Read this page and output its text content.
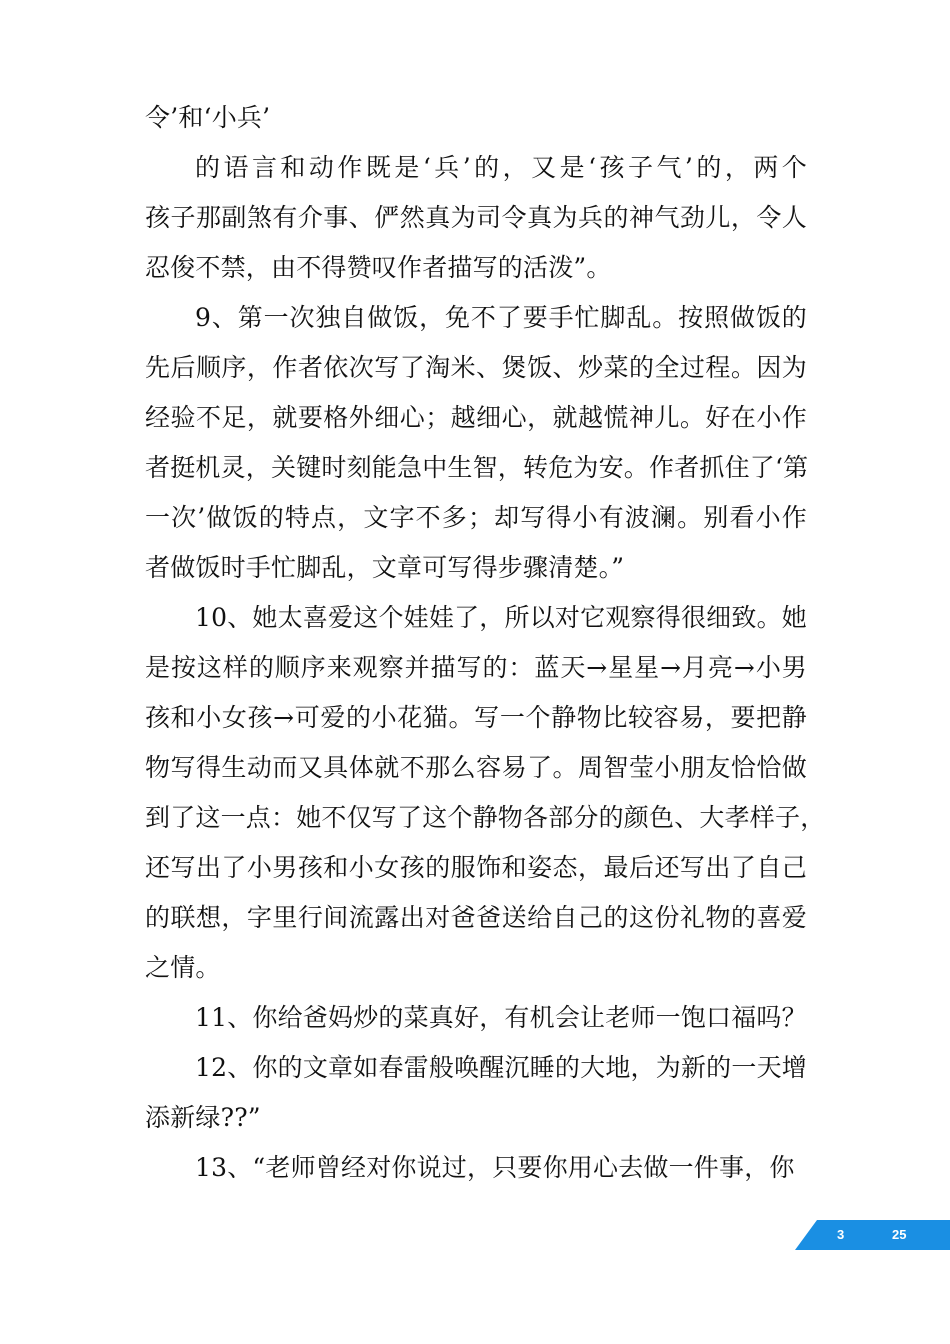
令’和‘小兵’
的语言和动作既是‘兵’的，又是‘孩子气’的，两个
孩子那副煞有介事、俨然真为司令真为兵的神气劲儿，令人
忍俊不禁，由不得赞叹作者描写的活泼”。
9、第一次独自做饭，免不了要手忙脚乱。按照做饭的
先后顺序，作者依次写了淘米、煲饭、炒菜的全过程。因为
经验不足，就要格外细心；越细心，就越慌神儿。好在小作
者挺机灵，关键时刻能急中生智，转危为安。作者抓住了‘第
一次’做饭的特点，文字不多；却写得小有波澜。别看小作
者做饭时手忙脚乱，文章可写得步骤清楚。”
10、她太喜爱这个娃娃了，所以对它观察得很细致。她
是按这样的顺序来观察并描写的：蓝天→星星→月亮→小男
孩和小女孩→可爱的小花猫。写一个静物比较容易，要把静
物写得生动而又具体就不那么容易了。周智莹小朋友恰恰做
到了这一点：她不仅写了这个静物各部分的颜色、大孝样子，
还写出了小男孩和小女孩的服饰和姿态，最后还写出了自己
的联想，字里行间流露出对爸爸送给自己的这份礼物的喜爱
之情。
11、你给爸妈炒的菜真好，有机会让老师一饱口福吗？
12、你的文章如春雷般唤醒沉睡的大地，为新的一天增
添新绿??”
13、“老师曾经对你说过，只要你用心去做一件事，你
3	25
